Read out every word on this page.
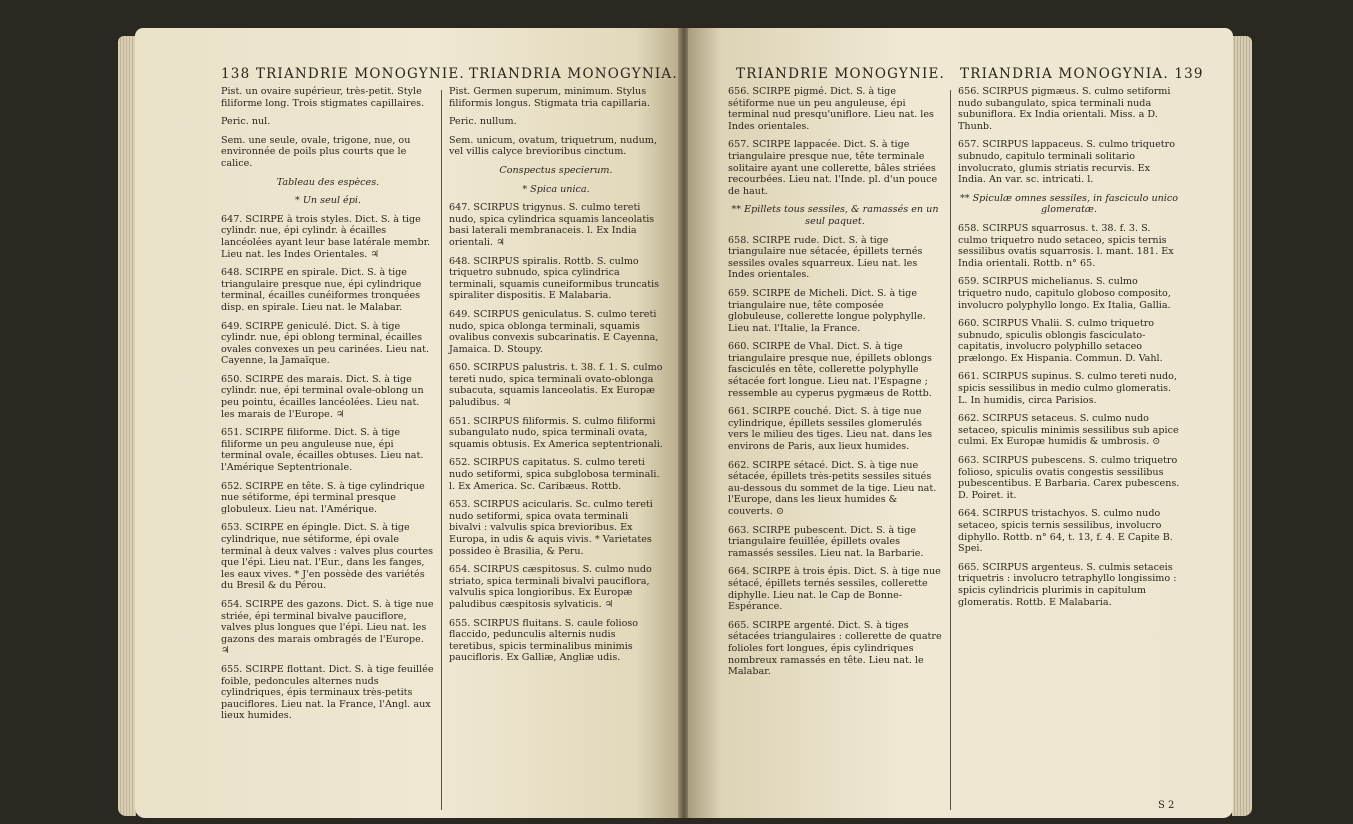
138 TRIANDRIE MONOGYNIE. TRIANDRIA MONOGYNIA.

Pist. un ovaire supérieur, très-petit. Style filiforme long. Trois stigmates capillaires.

Peric. nul.

Sem. une seule, ovale, trigone, nue, ou environnée de poils plus courts que le calice.

Tableau des espèces.

* Un seul épi.

647. SCIRPE à trois styles. Dict. S. à tige cylindr. nue, épi cylindr. à écailles lancéolées ayant leur base latérale membr. Lieu nat. les Indes Orientales. ♃

648. SCIRPE en spirale. Dict. S. à tige triangulaire presque nue, épi cylindrique terminal, écailles cunéiformes tronquées disp. en spirale. Lieu nat. le Malabar.

649. SCIRPE geniculé. Dict. S. à tige cylindr. nue, épi oblong terminal, écailles ovales convexes un peu carinées. Lieu nat. Cayenne, la Jamaïque.

650. SCIRPE des marais. Dict. S. à tige cylindr. nue, épi terminal ovale-oblong un peu pointu, écailles lancéolées. Lieu nat. les marais de l'Europe. ♃

651. SCIRPE filiforme. Dict. S. à tige filiforme un peu anguleuse nue, épi terminal ovale, écailles obtuses. Lieu nat. l'Amérique Septentrionale.

652. SCIRPE en tête. S. à tige cylindrique nue sétiforme, épi terminal presque globuleux. Lieu nat. l'Amérique.

653. SCIRPE en épingle. Dict. S. à tige cylindrique, nue sétiforme, épi ovale terminal à deux valves : valves plus courtes que l'épi. Lieu nat. l'Eur., dans les fanges, les eaux vives. * J'en possède des variétés du Bresil & du Pérou.

654. SCIRPE des gazons. Dict. S. à tige nue striée, épi terminal bivalve pauciflore, valves plus longues que l'épi. Lieu nat. les gazons des marais ombragés de l'Europe. ♃

655. SCIRPE flottant. Dict. S. à tige feuillée foible, pedoncules alternes nuds cylindriques, épis terminaux très-petits pauciflores. Lieu nat. la France, l'Angl. aux lieux humides.

Pist. Germen superum, minimum. Stylus filiformis longus. Stigmata tria capillaria.

Peric. nullum.

Sem. unicum, ovatum, triquetrum, nudum, vel villis calyce brevioribus cinctum.

Conspectus specierum.

* Spica unica.

647. SCIRPUS trigynus. S. culmo tereti nudo, spica cylindrica squamis lanceolatis basi laterali membranaceis. l. Ex India orientali. ♃

648. SCIRPUS spiralis. Rottb. S. culmo triquetro subnudo, spica cylindrica terminali, squamis cuneiformibus truncatis spiraliter dispositis. E Malabaria.

649. SCIRPUS geniculatus. S. culmo tereti nudo, spica oblonga terminali, squamis ovalibus convexis subcarinatis. E Cayenna, Jamaica. D. Stoupy.

650. SCIRPUS palustris. t. 38. f. 1. S. culmo tereti nudo, spica terminali ovato-oblonga subacuta, squamis lanceolatis. Ex Europæ paludibus. ♃

651. SCIRPUS filiformis. S. culmo filiformi subangulato nudo, spica terminali ovata, squamis obtusis. Ex America septentrionali.

652. SCIRPUS capitatus. S. culmo tereti nudo setiformi, spica subglobosa terminali. l. Ex America. Sc. Caribæus. Rottb.

653. SCIRPUS acicularis. Sc. culmo tereti nudo setiformi, spica ovata terminali bivalvi : valvulis spica brevioribus. Ex Europa, in udis & aquis vivis. * Varietates possideo è Brasilia, & Peru.

654. SCIRPUS cæspitosus. S. culmo nudo striato, spica terminali bivalvi pauciflora, valvulis spica longioribus. Ex Europæ paludibus cæspitosis sylvaticis. ♃

655. SCIRPUS fluitans. S. caule folioso flaccido, pedunculis alternis nudis teretibus, spicis terminalibus minimis paucifloris. Ex Galliæ, Angliæ udis.

TRIANDRIE MONOGYNIE. TRIANDRIA MONOGYNIA. 139

656. SCIRPE pigmé. Dict. S. à tige sétiforme nue un peu anguleuse, épi terminal nud presqu'uniflore. Lieu nat. les Indes orientales.

657. SCIRPE lappacée. Dict. S. à tige triangulaire presque nue, tête terminale solitaire ayant une collerette, bâles striées recourbées. Lieu nat. l'Inde. pl. d'un pouce de haut.

** Epillets tous sessiles, & ramassés en un seul paquet.

658. SCIRPE rude. Dict. S. à tige triangulaire nue sétacée, épillets ternés sessiles ovales squarreux. Lieu nat. les Indes orientales.

659. SCIRPE de Micheli. Dict. S. à tige triangulaire nue, tête composée globuleuse, collerette longue polyphylle. Lieu nat. l'Italie, la France.

660. SCIRPE de Vhal. Dict. S. à tige triangulaire presque nue, épillets oblongs fasciculés en tête, collerette polyphylle sétacée fort longue. Lieu nat. l'Espagne ; ressemble au cyperus pygmæus de Rottb.

661. SCIRPE couché. Dict. S. à tige nue cylindrique, épillets sessiles glomerulés vers le milieu des tiges. Lieu nat. dans les environs de Paris, aux lieux humides.

662. SCIRPE sétacé. Dict. S. à tige nue sétacée, épillets très-petits sessiles situés au-dessous du sommet de la tige. Lieu nat. l'Europe, dans les lieux humides & couverts. ⊙

663. SCIRPE pubescent. Dict. S. à tige triangulaire feuillée, épillets ovales ramassés sessiles. Lieu nat. la Barbarie.

664. SCIRPE à trois épis. Dict. S. à tige nue sétacé, épillets ternés sessiles, collerette diphylle. Lieu nat. le Cap de Bonne-Espérance.

665. SCIRPE argenté. Dict. S. à tiges sétacées triangulaires : collerette de quatre folioles fort longues, épis cylindriques nombreux ramassés en tête. Lieu nat. le Malabar.

656. SCIRPUS pigmæus. S. culmo setiformi nudo subangulato, spica terminali nuda subuniflora. Ex India orientali. Miss. a D. Thunb.

657. SCIRPUS lappaceus. S. culmo triquetro subnudo, capitulo terminali solitario involucrato, glumis striatis recurvis. Ex India. An var. sc. intricati. l.

** Spiculæ omnes sessiles, in fasciculo unico glomeratæ.

658. SCIRPUS squarrosus. t. 38. f. 3. S. culmo triquetro nudo setaceo, spicis ternis sessilibus ovatis squarrosis. l. mant. 181. Ex India orientali. Rottb. n° 65.

659. SCIRPUS michelianus. S. culmo triquetro nudo, capitulo globoso composito, involucro polyphyllo longo. Ex Italia, Gallia.

660. SCIRPUS Vhalii. S. culmo triquetro subnudo, spiculis oblongis fasciculato-capitatis, involucro polyphillo setaceo prælongo. Ex Hispania. Commun. D. Vahl.

661. SCIRPUS supinus. S. culmo tereti nudo, spicis sessilibus in medio culmo glomeratis. L. In humidis, circa Parisios.

662. SCIRPUS setaceus. S. culmo nudo setaceo, spiculis minimis sessilibus sub apice culmi. Ex Europæ humidis & umbrosis. ⊙

663. SCIRPUS pubescens. S. culmo triquetro folioso, spiculis ovatis congestis sessilibus pubescentibus. E Barbaria. Carex pubescens. D. Poiret. it.

664. SCIRPUS tristachyos. S. culmo nudo setaceo, spicis ternis sessilibus, involucro diphyllo. Rottb. n° 64, t. 13, f. 4. E Capite B. Spei.

665. SCIRPUS argenteus. S. culmis setaceis triquetris : involucro tetraphyllo longissimo : spicis cylindricis plurimis in capitulum glomeratis. Rottb. E Malabaria.

S 2
